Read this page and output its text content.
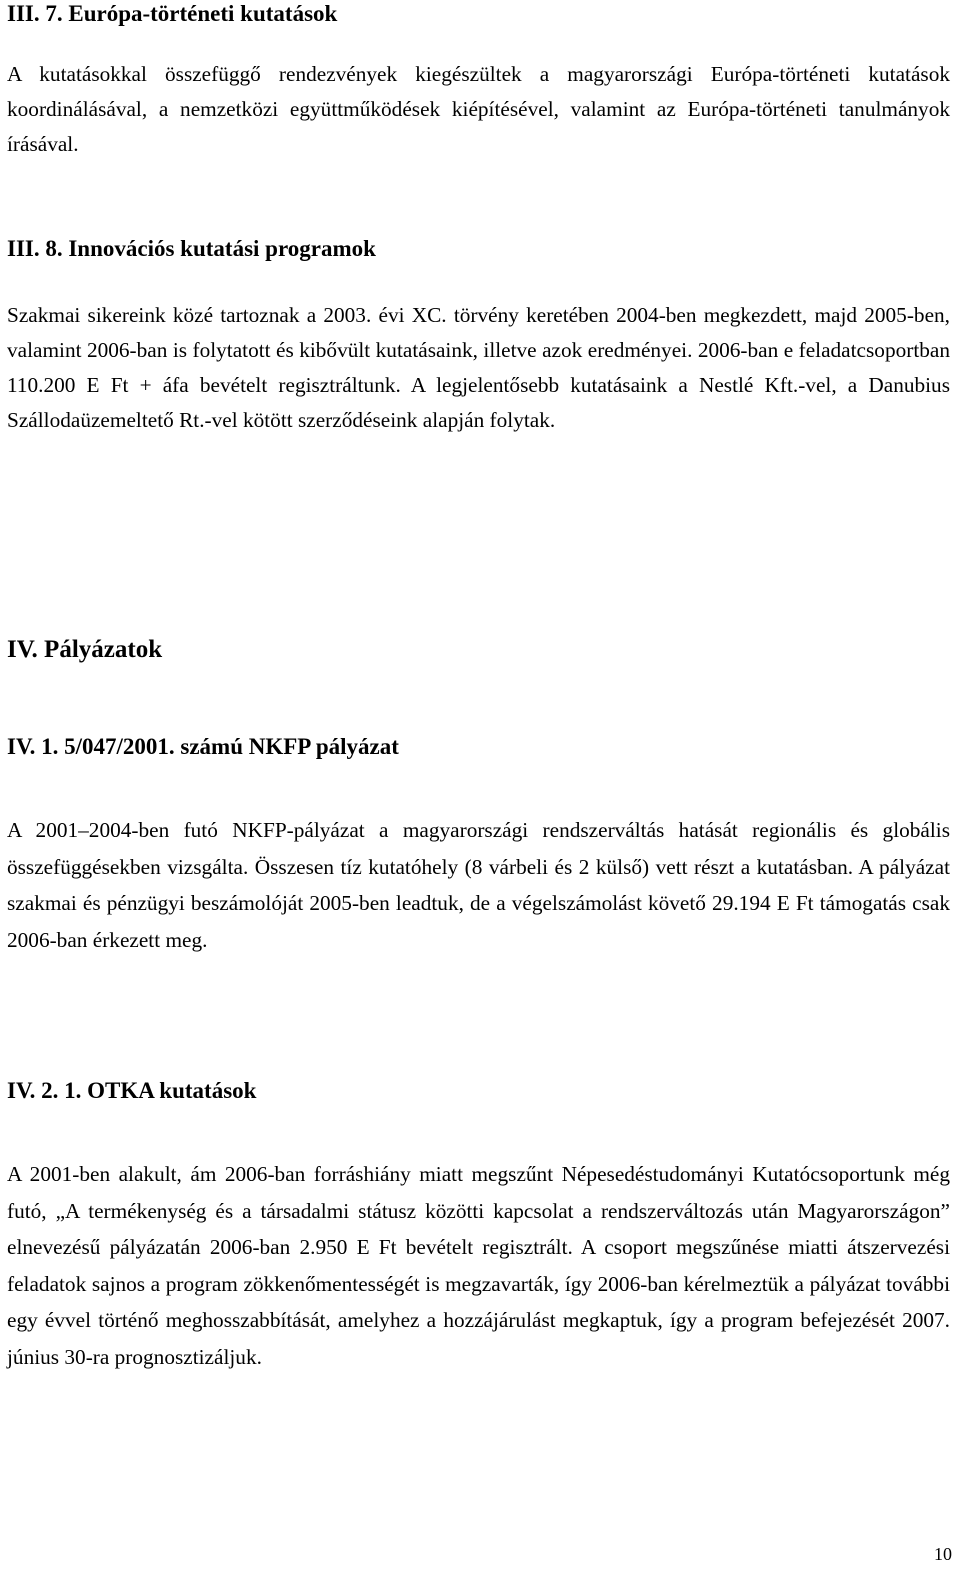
III. 7. Európa-történeti kutatások

A kutatásokkal összefüggő rendezvények kiegészültek a magyarországi Európa-történeti kutatások koordinálásával, a nemzetközi együttműködések kiépítésével, valamint az Európa-történeti tanulmányok írásával.

III. 8. Innovációs kutatási programok

Szakmai sikereink közé tartoznak a 2003. évi XC. törvény keretében 2004-ben megkezdett, majd 2005-ben, valamint 2006-ban is folytatott és kibővült kutatásaink, illetve azok eredményei. 2006-ban e feladatcsoportban 110.200 E Ft + áfa bevételt regisztráltunk. A legjelentősebb kutatásaink a Nestlé Kft.-vel, a Danubius Szállodaüzemeltető Rt.-vel kötött szerződéseink alapján folytak.

IV. Pályázatok
IV. 1. 5/047/2001. számú NKFP pályázat

A 2001–2004-ben futó NKFP-pályázat a magyarországi rendszerváltás hatását regionális és globális összefüggésekben vizsgálta. Összesen tíz kutatóhely (8 várbeli és 2 külső) vett részt a kutatásban. A pályázat szakmai és pénzügyi beszámolóját 2005-ben leadtuk, de a végelszámolást követő 29.194 E Ft támogatás csak 2006-ban érkezett meg.

IV. 2. 1. OTKA kutatások

A 2001-ben alakult, ám 2006-ban forráshiány miatt megszűnt Népesedéstudományi Kutatócsoportunk még futó, „A termékenység és a társadalmi státusz közötti kapcsolat a rendszerváltozás után Magyarországon” elnevezésű pályázatán 2006-ban 2.950 E Ft bevételt regisztrált. A csoport megszűnése miatti átszervezési feladatok sajnos a program zökkenőmentességét is megzavarták, így 2006-ban kérelmeztük a pályázat további egy évvel történő meghosszabbítását, amelyhez a hozzájárulást megkaptuk, így a program befejezését 2007. június 30-ra prognosztizáljuk.

10
